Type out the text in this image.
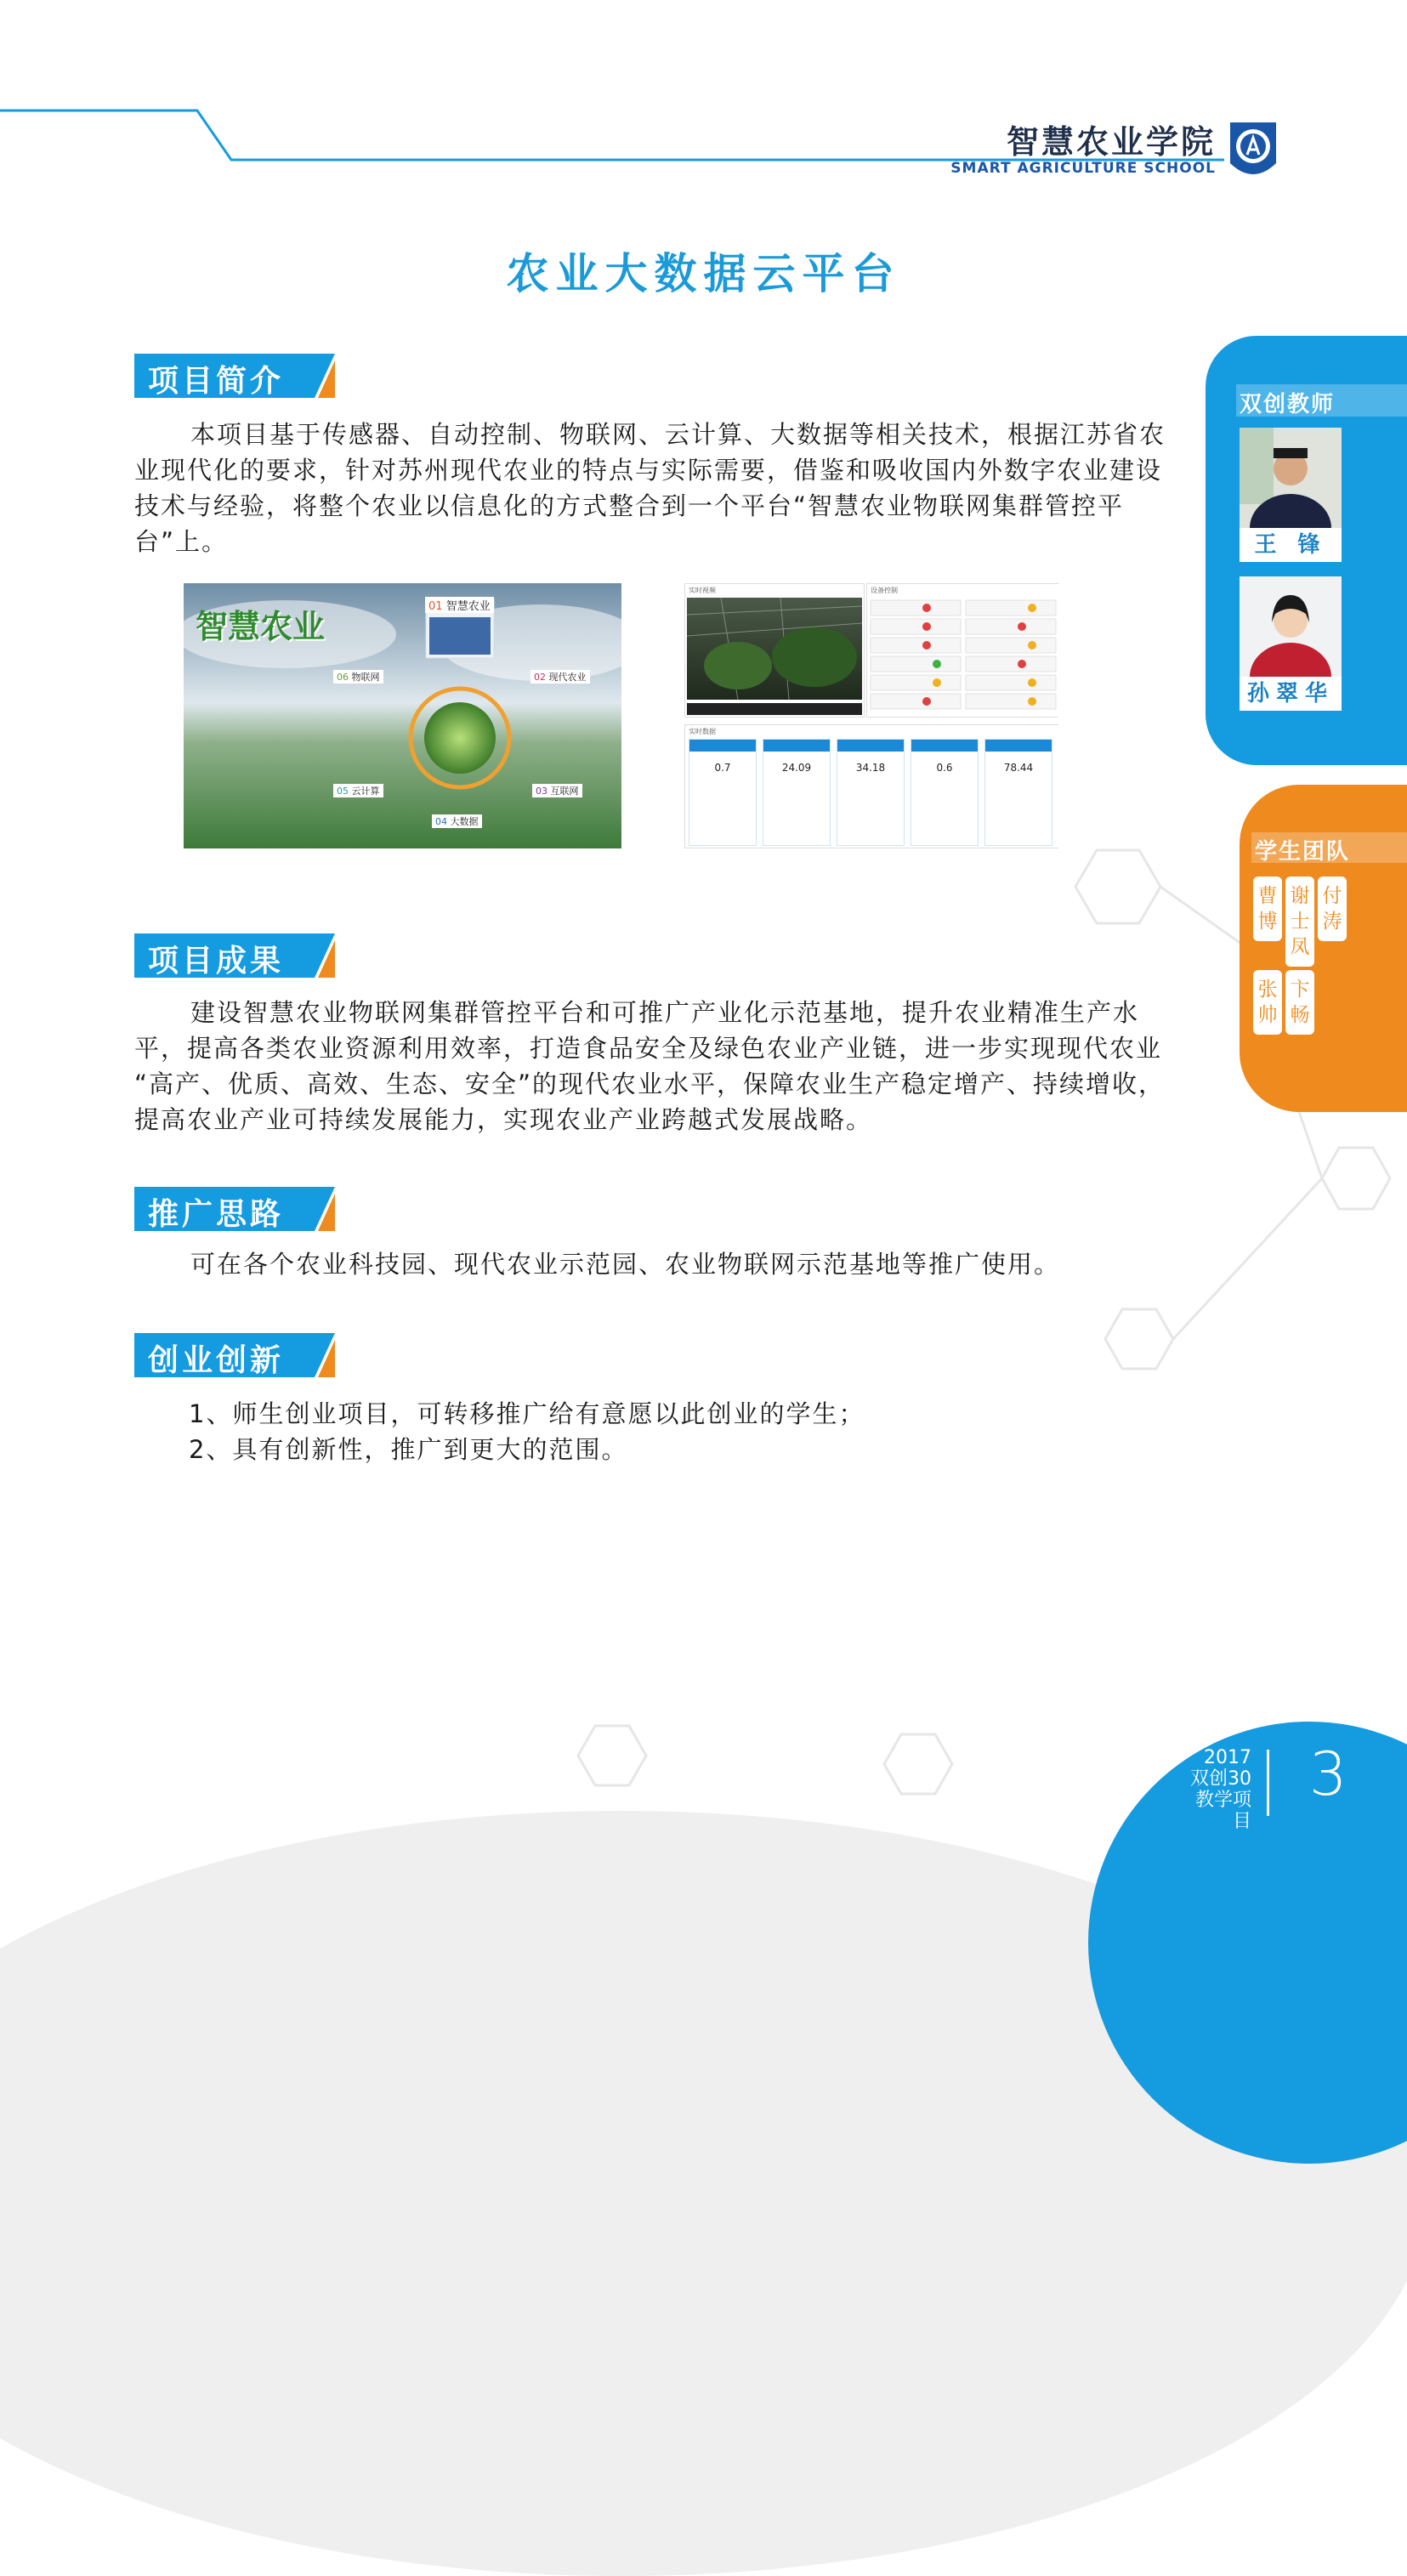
智慧农业学院
SMART AGRICULTURE SCHOOL
农业大数据云平台
项目简介

本项目基于传感器、自动控制、物联网、云计算、大数据等相关技术，根据江苏省农业现代化的要求，针对苏州现代农业的特点与实际需要，借鉴和吸收国内外数字农业建设技术与经验，将整个农业以信息化的方式整合到一个平台“智慧农业物联网集群管控平台”上。

智慧农业
01 智慧农业
02 现代农业
03 互联网
04 大数据
05 云计算
06 物联网
实时视频	设备控制
实时数据
0.7	24.09	34.18	0.6	78.44
项目成果

建设智慧农业物联网集群管控平台和可推广产业化示范基地，提升农业精准生产水平，提高各类农业资源利用效率，打造食品安全及绿色农业产业链，进一步实现现代农业 “高产、优质、高效、生态、安全”的现代农业水平，保障农业生产稳定增产、持续增收，提高农业产业可持续发展能力，实现农业产业跨越式发展战略。

推广思路

可在各个农业科技园、现代农业示范园、农业物联网示范基地等推广使用。

创业创新
1、师生创业项目，可转移推广给有意愿以此创业的学生；
2、具有创新性，推广到更大的范围。
双创教师
王 锋
孙翠华
学生团队
曹博
谢士凤
付涛
张帅
卞畅
2017
双创30
教学项目
3
